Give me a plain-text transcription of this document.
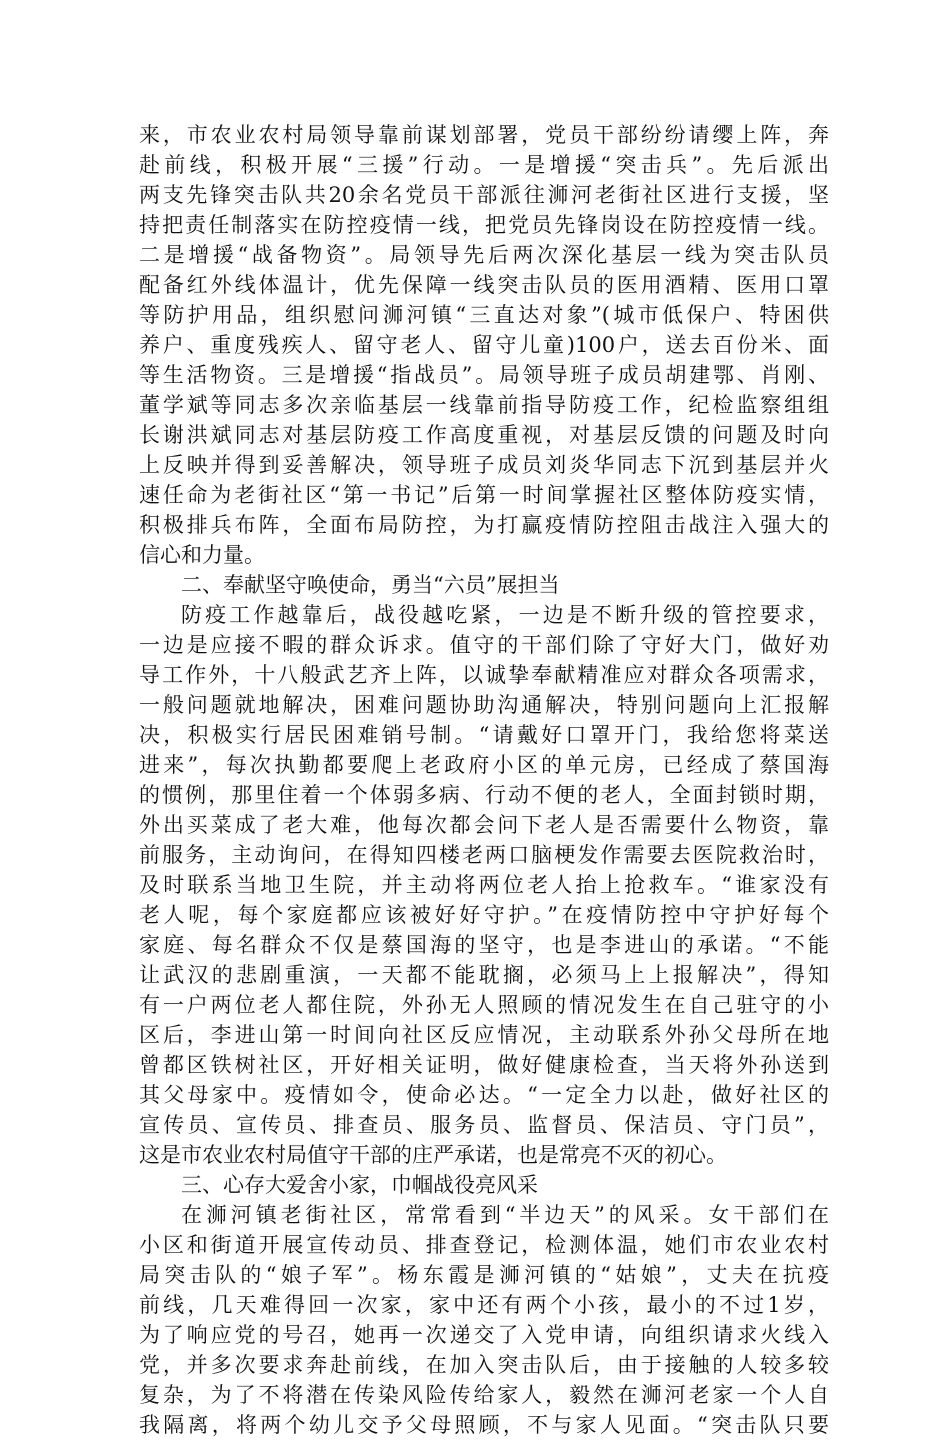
来，市农业农村局领导靠前谋划部署，党员干部纷纷请缨上阵，奔
赴前线，积极开展“三援”行动。一是增援“突击兵”。先后派出
两支先锋突击队共20余名党员干部派往浉河老街社区进行支援，坚
持把责任制落实在防控疫情一线，把党员先锋岗设在防控疫情一线。
二是增援“战备物资”。局领导先后两次深化基层一线为突击队员
配备红外线体温计，优先保障一线突击队员的医用酒精、医用口罩
等防护用品，组织慰问浉河镇“三直达对象”(城市低保户、特困供
养户、重度残疾人、留守老人、留守儿童)100户，送去百份米、面
等生活物资。三是增援“指战员”。局领导班子成员胡建鄂、肖刚、
董学斌等同志多次亲临基层一线靠前指导防疫工作，纪检监察组组
长谢洪斌同志对基层防疫工作高度重视，对基层反馈的问题及时向
上反映并得到妥善解决，领导班子成员刘炎华同志下沉到基层并火
速任命为老街社区“第一书记”后第一时间掌握社区整体防疫实情，
积极排兵布阵，全面布局防控，为打赢疫情防控阻击战注入强大的
信心和力量。
二、奉献坚守唤使命，勇当“六员”展担当
防疫工作越靠后，战役越吃紧，一边是不断升级的管控要求，
一边是应接不暇的群众诉求。值守的干部们除了守好大门，做好劝
导工作外，十八般武艺齐上阵，以诚挚奉献精准应对群众各项需求，
一般问题就地解决，困难问题协助沟通解决，特别问题向上汇报解
决，积极实行居民困难销号制。“请戴好口罩开门，我给您将菜送
进来”，每次执勤都要爬上老政府小区的单元房，已经成了蔡国海
的惯例，那里住着一个体弱多病、行动不便的老人，全面封锁时期，
外出买菜成了老大难，他每次都会问下老人是否需要什么物资，靠
前服务，主动询问，在得知四楼老两口脑梗发作需要去医院救治时，
及时联系当地卫生院，并主动将两位老人抬上抢救车。“谁家没有
老人呢，每个家庭都应该被好好守护。”在疫情防控中守护好每个
家庭、每名群众不仅是蔡国海的坚守，也是李进山的承诺。“不能
让武汉的悲剧重演，一天都不能耽搁，必须马上上报解决”，得知
有一户两位老人都住院，外孙无人照顾的情况发生在自己驻守的小
区后，李进山第一时间向社区反应情况，主动联系外孙父母所在地
曾都区铁树社区，开好相关证明，做好健康检查，当天将外孙送到
其父母家中。疫情如令，使命必达。“一定全力以赴，做好社区的
宣传员、宣传员、排查员、服务员、监督员、保洁员、守门员”，
这是市农业农村局值守干部的庄严承诺，也是常亮不灭的初心。
三、心存大爱舍小家，巾帼战役亮风采
在浉河镇老街社区，常常看到“半边天”的风采。女干部们在
小区和街道开展宣传动员、排查登记，检测体温，她们市农业农村
局突击队的“娘子军”。杨东霞是浉河镇的“姑娘”，丈夫在抗疫
前线，几天难得回一次家，家中还有两个小孩，最小的不过1岁，
为了响应党的号召，她再一次递交了入党申请，向组织请求火线入
党，并多次要求奔赴前线，在加入突击队后，由于接触的人较多较
复杂，为了不将潜在传染风险传给家人，毅然在浉河老家一个人自
我隔离，将两个幼儿交予父母照顾，不与家人见面。“突击队只要
